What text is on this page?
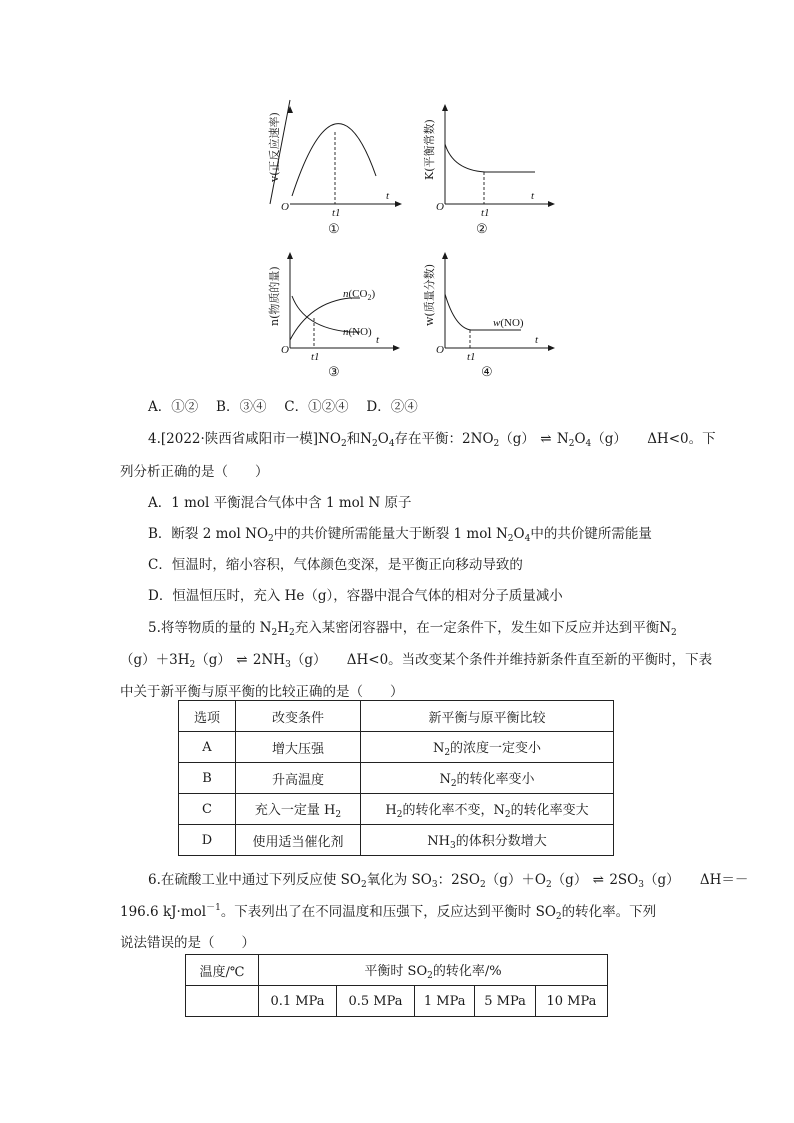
O	t1
t
v(正反应速率)
①
O	t1
t
K(平衡常数)
②
$n(CO_2)$
n(NO)
O
t1
t
n(物质的量)
③
w(NO)
O
t1
t
w(质量分数)
④
A．①②　 B．③④　 C．①②④　 D．②④
4.[2022·陕西省咸阳市一模]$NO_2$和$N_2O_4$存在平衡：$2NO_2(g)$ ⇌ $N_2O_4(g)$　　 ΔH<0。下
列分析正确的是（　　）
A．1 mol 平衡混合气体中含 1 mol N 原子
B．断裂 2 mol $NO_2$中的共价键所需能量大于断裂 1 mol $N_2O_4$中的共价键所需能量
C．恒温时，缩小容积，气体颜色变深，是平衡正向移动导致的
D．恒温恒压时，充入 He（g），容器中混合气体的相对分子质量减小
5.将等物质的量的 $N_2H_2$充入某密闭容器中，在一定条件下，发生如下反应并达到平衡$N_2$
$(g)+3H_2(g)$ ⇌ $2NH_3(g)$　　 ΔH<0。当改变某个条件并维持新条件直至新的平衡时，下表
中关于新平衡与原平衡的比较正确的是（　　）
选项	改变条件	新平衡与原平衡比较
A	增大压强	$N_2$的浓度一定变小
B	升高温度	$N_2$的转化率变小
C	充入一定量 $H_2$	$H_2$的转化率不变，$N_2$的转化率变大
D	使用适当催化剂	$NH_3$的体积分数增大
6.在硫酸工业中通过下列反应使 $SO_2$氧化为 $SO_3$：$2SO_2(g)+O_2(g)$ ⇌ $2SO_3(g)$　　 ΔH＝－
196.6 kJ·mol$^{-1}$。下表列出了在不同温度和压强下，反应达到平衡时 $SO_2$的转化率。下列
说法错误的是（　　）
温度/℃	平衡时 $SO_2$的转化率/%				
	0.1 MPa	0.5 MPa	1 MPa	5 MPa	10 MPa
